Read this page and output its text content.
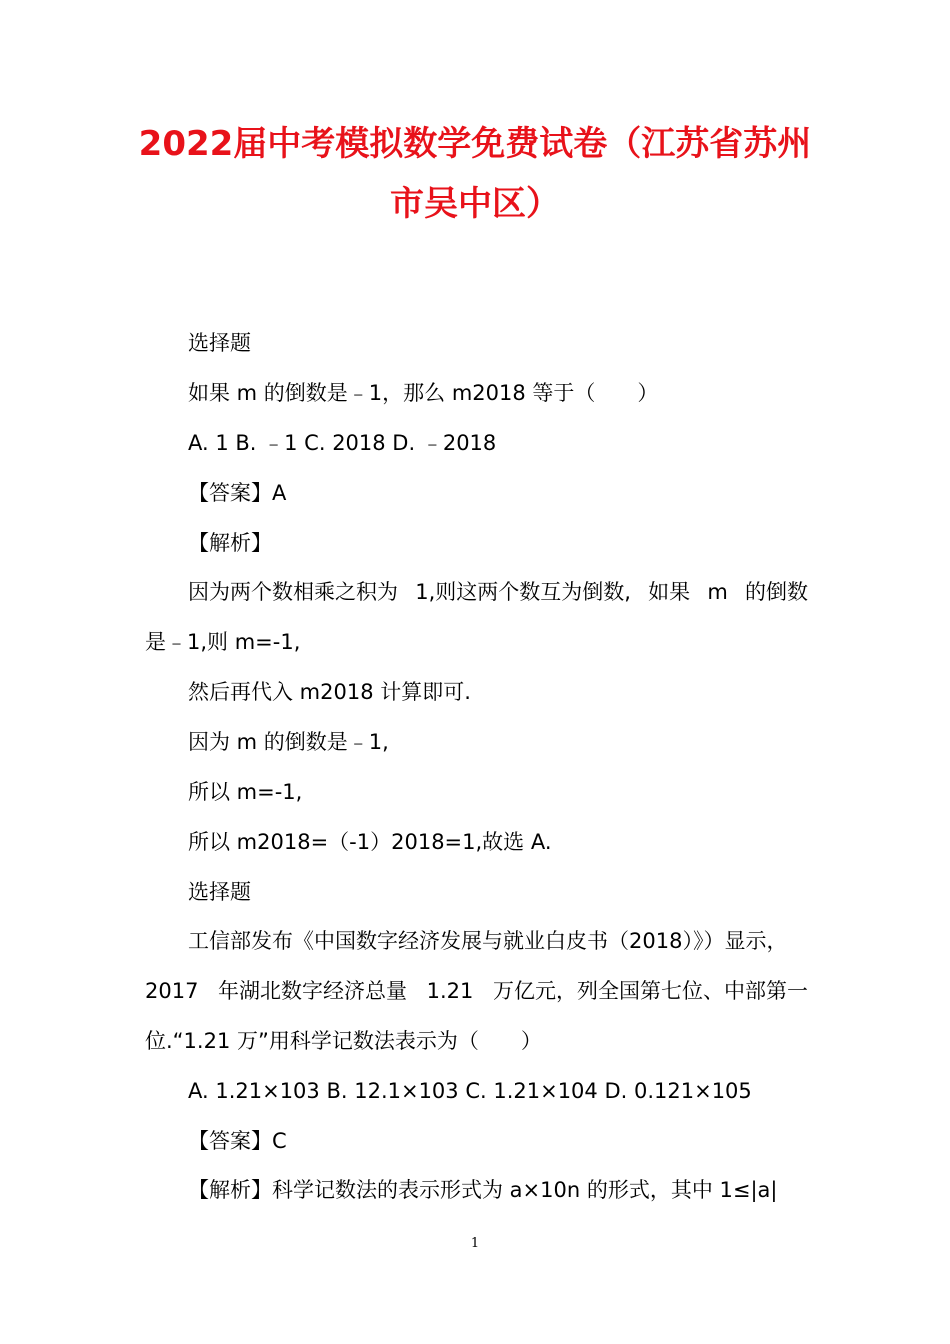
2022届中考模拟数学免费试卷（江苏省苏州
市吴中区）
选择题
如果 m 的倒数是﹣1，那么 m2018 等于（　　）
A. 1 B. ﹣1 C. 2018 D. ﹣2018
【答案】A
【解析】
因为两个数相乘之积为 1,则这两个数互为倒数, 如果 m 的倒数
是﹣1,则 m=-1,
然后再代入 m2018 计算即可.
因为 m 的倒数是﹣1,
所以 m=-1,
所以 m2018=（-1）2018=1,故选 A.
选择题
工信部发布《中国数字经济发展与就业白皮书（2018）》）显示，
2017 年湖北数字经济总量 1.21 万亿元，列全国第七位、中部第一
位.“1.21 万”用科学记数法表示为（　　）
A. 1.21×103 B. 12.1×103 C. 1.21×104 D. 0.121×105
【答案】C
【解析】科学记数法的表示形式为 a×10n 的形式，其中 1≤|a|
1
